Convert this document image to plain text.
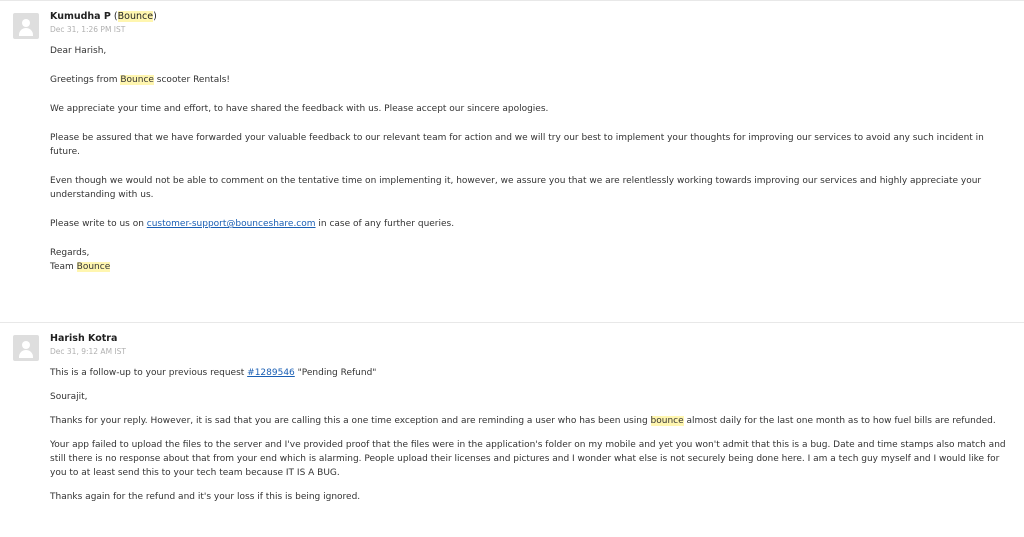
Kumudha P (Bounce)
Dec 31, 1:26 PM IST

Dear Harish,

Greetings from Bounce scooter Rentals!

We appreciate your time and effort, to have shared the feedback with us. Please accept our sincere apologies.

Please be assured that we have forwarded your valuable feedback to our relevant team for action and we will try our best to implement your thoughts for improving our services to avoid any such incident in future.

Even though we would not be able to comment on the tentative time on implementing it, however, we assure you that we are relentlessly working towards improving our services and highly appreciate your understanding with us.

Please write to us on customer-support@bounceshare.com in case of any further queries.

Regards,
Team Bounce
Harish Kotra
Dec 31, 9:12 AM IST

This is a follow-up to your previous request #1289546 "Pending Refund"

Sourajit,

Thanks for your reply. However, it is sad that you are calling this a one time exception and are reminding a user who has been using bounce almost daily for the last one month as to how fuel bills are refunded.

Your app failed to upload the files to the server and I've provided proof that the files were in the application's folder on my mobile and yet you won't admit that this is a bug. Date and time stamps also match and still there is no response about that from your end which is alarming. People upload their licenses and pictures and I wonder what else is not securely being done here. I am a tech guy myself and I would like for you to at least send this to your tech team because IT IS A BUG.

Thanks again for the refund and it's your loss if this is being ignored.
